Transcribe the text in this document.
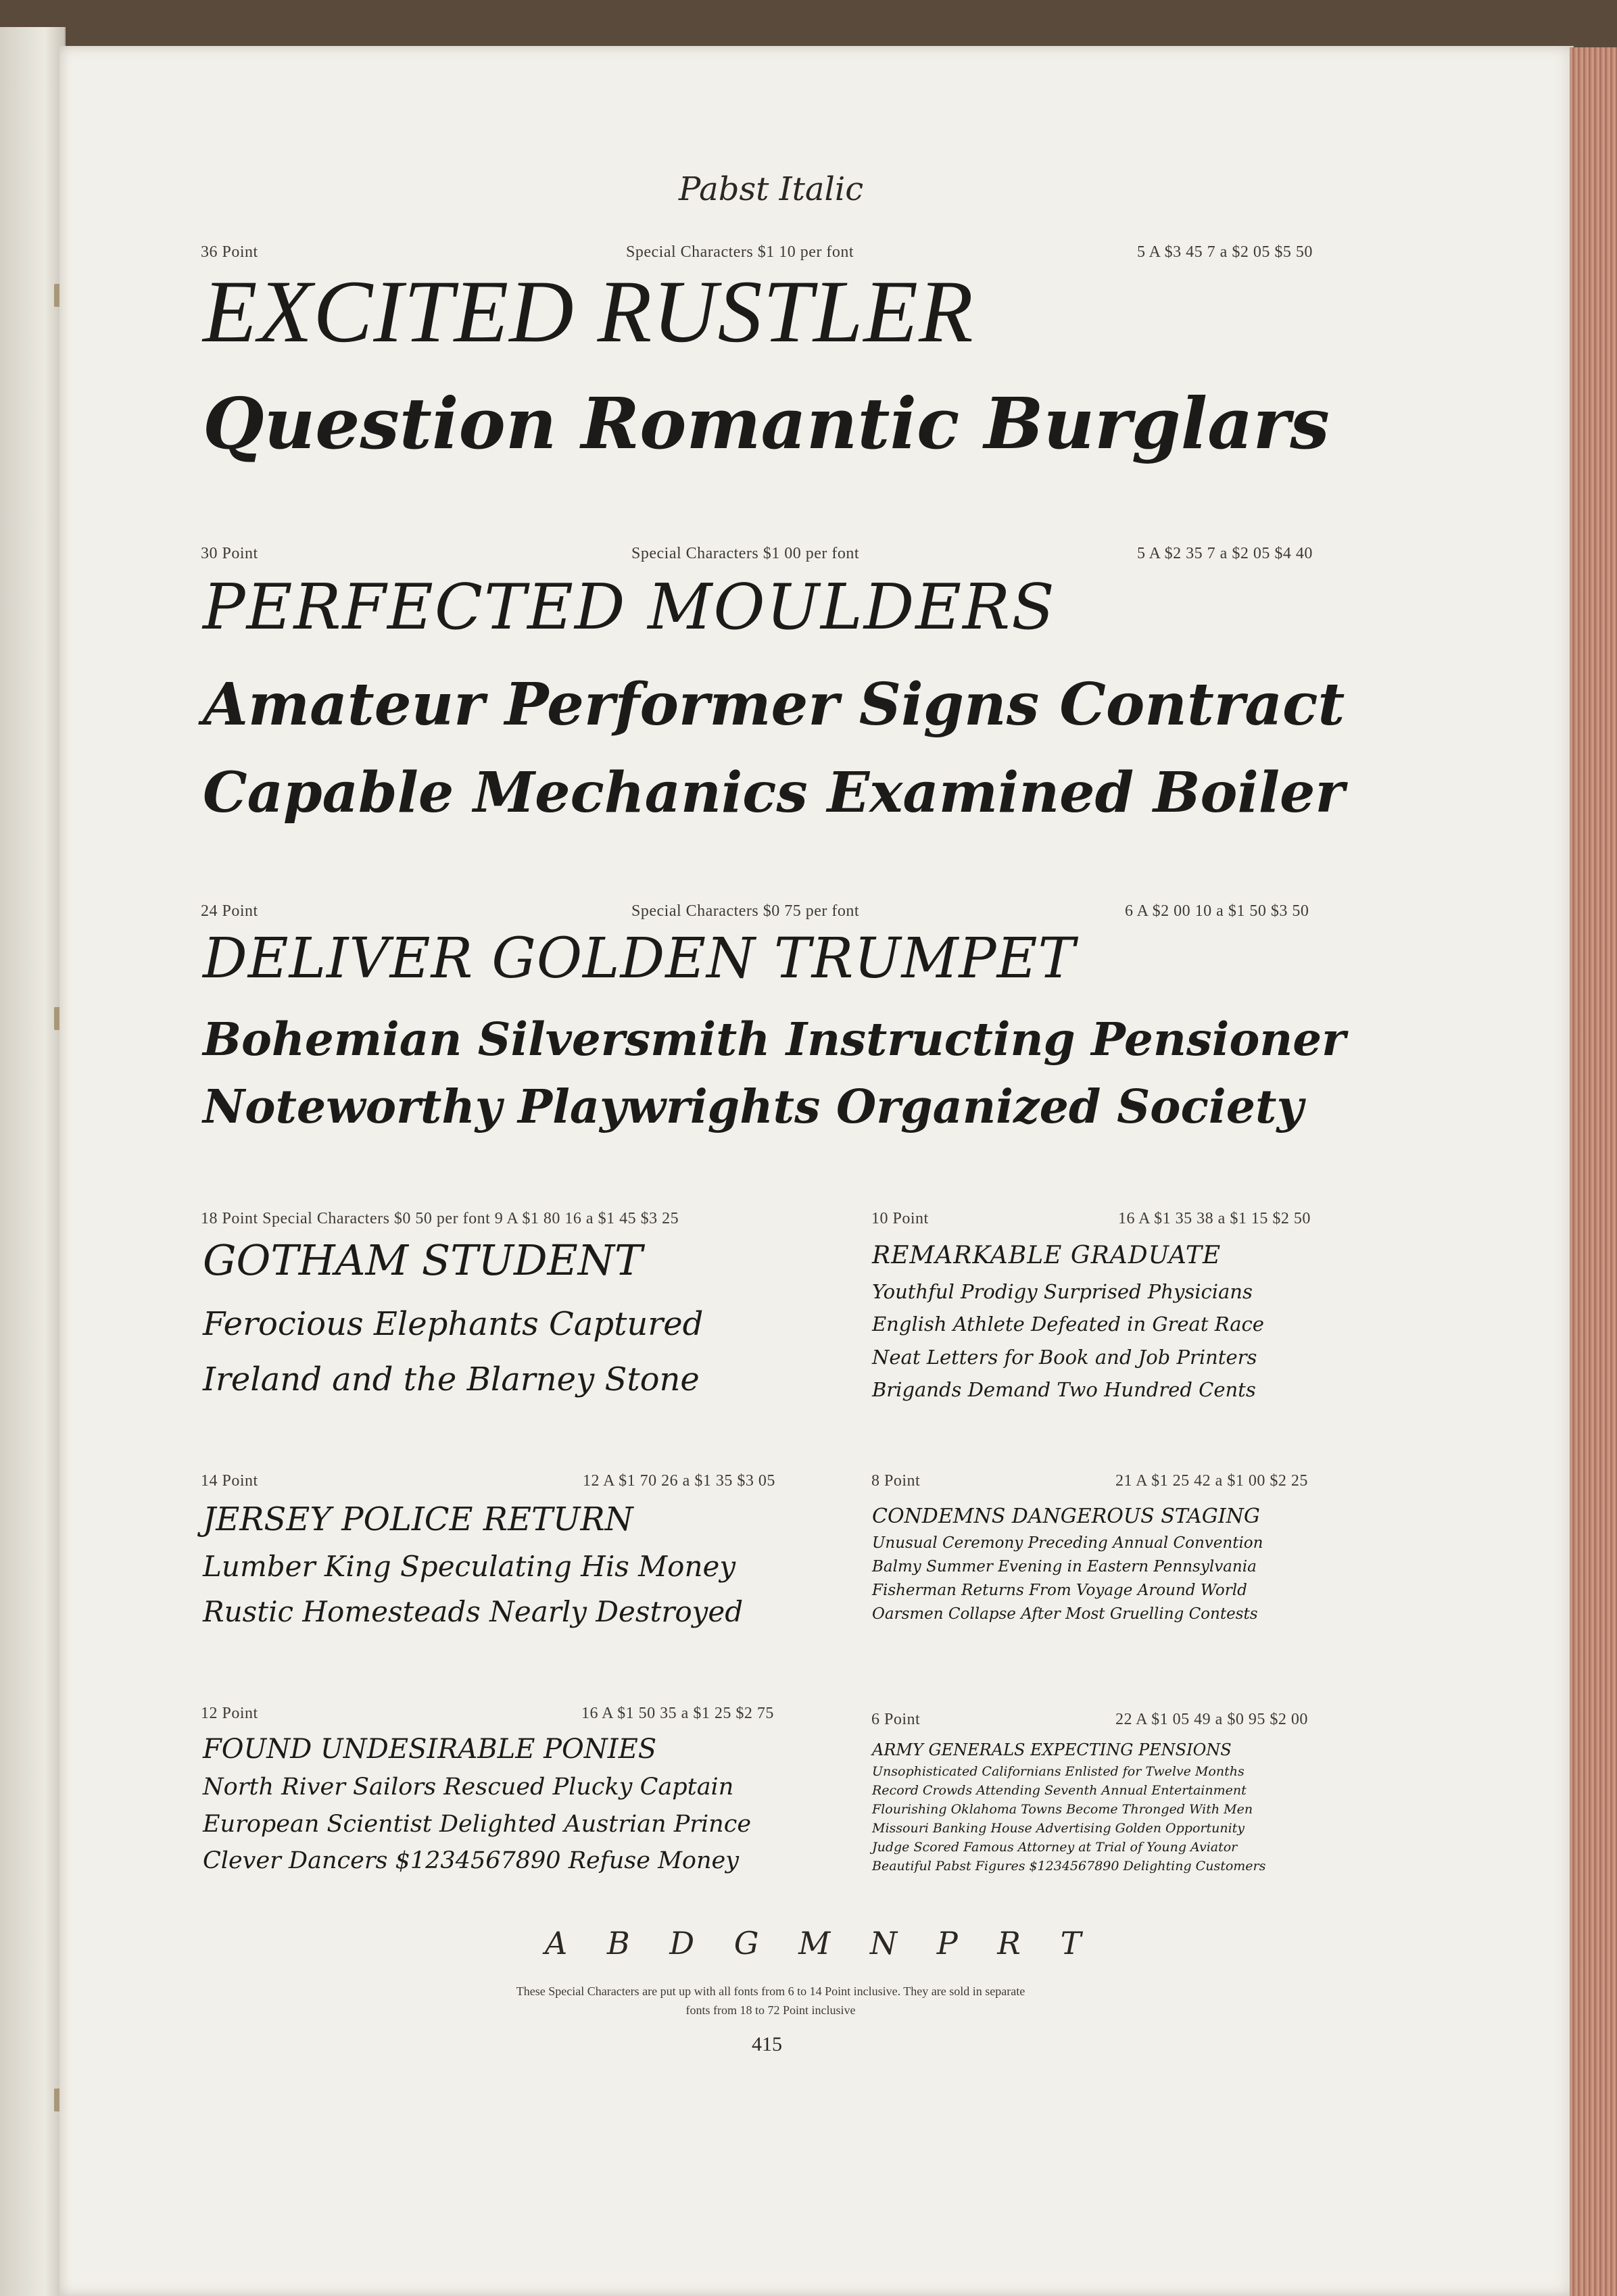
Pabst Italic
36 Point	Special Characters $1 10 per font	5 A $3 45 7 a $2 05 $5 50
EXCITED RUSTLER
Question Romantic Burglars
30 Point	Special Characters $1 00 per font	5 A $2 35 7 a $2 05 $4 40
PERFECTED MOULDERS
Amateur Performer Signs Contract
Capable Mechanics Examined Boiler
24 Point	Special Characters $0 75 per font	6 A $2 00 10 a $1 50 $3 50
DELIVER GOLDEN TRUMPET
Bohemian Silversmith Instructing Pensioner
Noteworthy Playwrights Organized Society
18 Point Special Characters $0 50 per font 9 A $1 80 16 a $1 45 $3 25
GOTHAM STUDENT
Ferocious Elephants Captured
Ireland and the Blarney Stone
10 Point	16 A $1 35 38 a $1 15 $2 50
REMARKABLE GRADUATE
Youthful Prodigy Surprised Physicians
English Athlete Defeated in Great Race
Neat Letters for Book and Job Printers
Brigands Demand Two Hundred Cents
14 Point	12 A $1 70 26 a $1 35 $3 05
JERSEY POLICE RETURN
Lumber King Speculating His Money
Rustic Homesteads Nearly Destroyed
8 Point	21 A $1 25 42 a $1 00 $2 25
CONDEMNS DANGEROUS STAGING
Unusual Ceremony Preceding Annual Convention
Balmy Summer Evening in Eastern Pennsylvania
Fisherman Returns From Voyage Around World
Oarsmen Collapse After Most Gruelling Contests
12 Point	16 A $1 50 35 a $1 25 $2 75
FOUND UNDESIRABLE PONIES
North River Sailors Rescued Plucky Captain
European Scientist Delighted Austrian Prince
Clever Dancers $1234567890 Refuse Money
6 Point	22 A $1 05 49 a $0 95 $2 00
ARMY GENERALS EXPECTING PENSIONS
Unsophisticated Californians Enlisted for Twelve Months
Record Crowds Attending Seventh Annual Entertainment
Flourishing Oklahoma Towns Become Thronged With Men
Missouri Banking House Advertising Golden Opportunity
Judge Scored Famous Attorney at Trial of Young Aviator
Beautiful Pabst Figures $1234567890 Delighting Customers
A B D G M N P R T
These Special Characters are put up with all fonts from 6 to 14 Point inclusive. They are sold in separate
fonts from 18 to 72 Point inclusive
415
